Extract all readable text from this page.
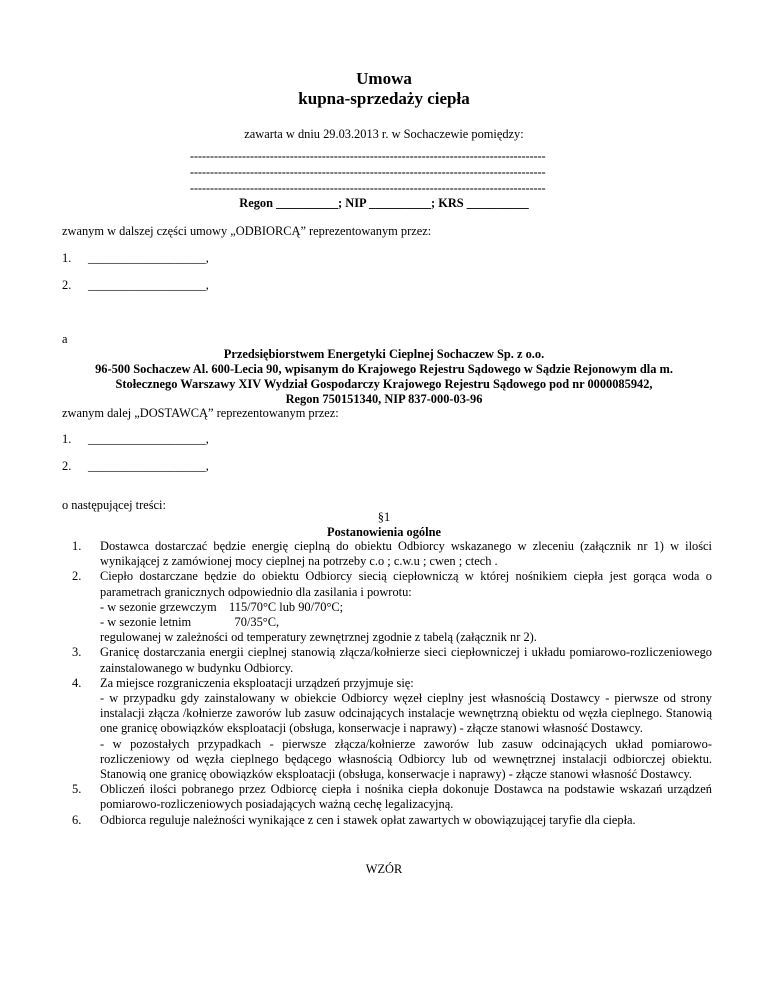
Umowa
kupna-sprzedaży ciepła
zawarta w dniu 29.03.2013 r. w Sochaczewie pomiędzy:
-----------------------------------------------------------------------------------------
-----------------------------------------------------------------------------------------
-----------------------------------------------------------------------------------------
Regon __________; NIP __________; KRS __________
zwanym w dalszej części umowy „ODBIORCĄ” reprezentowanym przez:
1. ___________________,
2. ___________________,
a
Przedsiębiorstwem Energetyki Cieplnej Sochaczew Sp. z o.o.
96-500 Sochaczew Al. 600-Lecia 90, wpisanym do Krajowego Rejestru Sądowego w Sądzie Rejonowym dla m.
Stołecznego Warszawy XIV Wydział Gospodarczy Krajowego Rejestru Sądowego pod nr 0000085942,
Regon 750151340, NIP 837-000-03-96
zwanym dalej „DOSTAWCĄ” reprezentowanym przez:
1. ___________________,
2. ___________________,
o następującej treści:
§1
Postanowienia ogólne
1. Dostawca dostarczać będzie energię cieplną do obiektu Odbiorcy wskazanego w zleceniu (załącznik nr 1) w ilości wynikającej z zamówionej mocy cieplnej na potrzeby c.o ; c.w.u ; cwen ; ctech .
2. Ciepło dostarczane będzie do obiektu Odbiorcy siecią ciepłowniczą w której nośnikiem ciepła jest gorąca woda o parametrach granicznych odpowiednio dla zasilania i powrotu:
- w sezonie grzewczym    115/70°C lub 90/70°C;
- w sezonie letnim              70/35°C,
regulowanej w zależności od temperatury zewnętrznej zgodnie z tabelą (załącznik nr 2).
3. Granicę dostarczania energii cieplnej stanowią złącza/kołnierze sieci ciepłowniczej i układu pomiarowo-rozliczeniowego zainstalowanego w budynku Odbiorcy.
4. Za miejsce rozgraniczenia eksploatacji urządzeń przyjmuje się:
- w przypadku gdy zainstalowany w obiekcie Odbiorcy węzeł cieplny jest własnością Dostawcy - pierwsze od strony instalacji złącza /kołnierze zaworów lub zasuw odcinających instalacje wewnętrzną obiektu od węzła cieplnego. Stanowią one granicę obowiązków eksploatacji (obsługa, konserwacje i naprawy) - złącze stanowi własność Dostawcy.
- w pozostałych przypadkach - pierwsze złącza/kołnierze zaworów lub zasuw odcinających układ pomiarowo-rozliczeniowy od węzła cieplnego będącego własnością Odbiorcy lub od wewnętrznej instalacji odbiorczej obiektu. Stanowią one granicę obowiązków eksploatacji (obsługa, konserwacje i naprawy) - złącze stanowi własność Dostawcy.
5. Obliczeń ilości pobranego przez Odbiorcę ciepła i nośnika ciepła dokonuje Dostawca na podstawie wskazań urządzeń pomiarowo-rozliczeniowych posiadających ważną cechę legalizacyjną.
6. Odbiorca reguluje należności wynikające z cen i stawek opłat zawartych w obowiązującej taryfie dla ciepła.
WZÓR
